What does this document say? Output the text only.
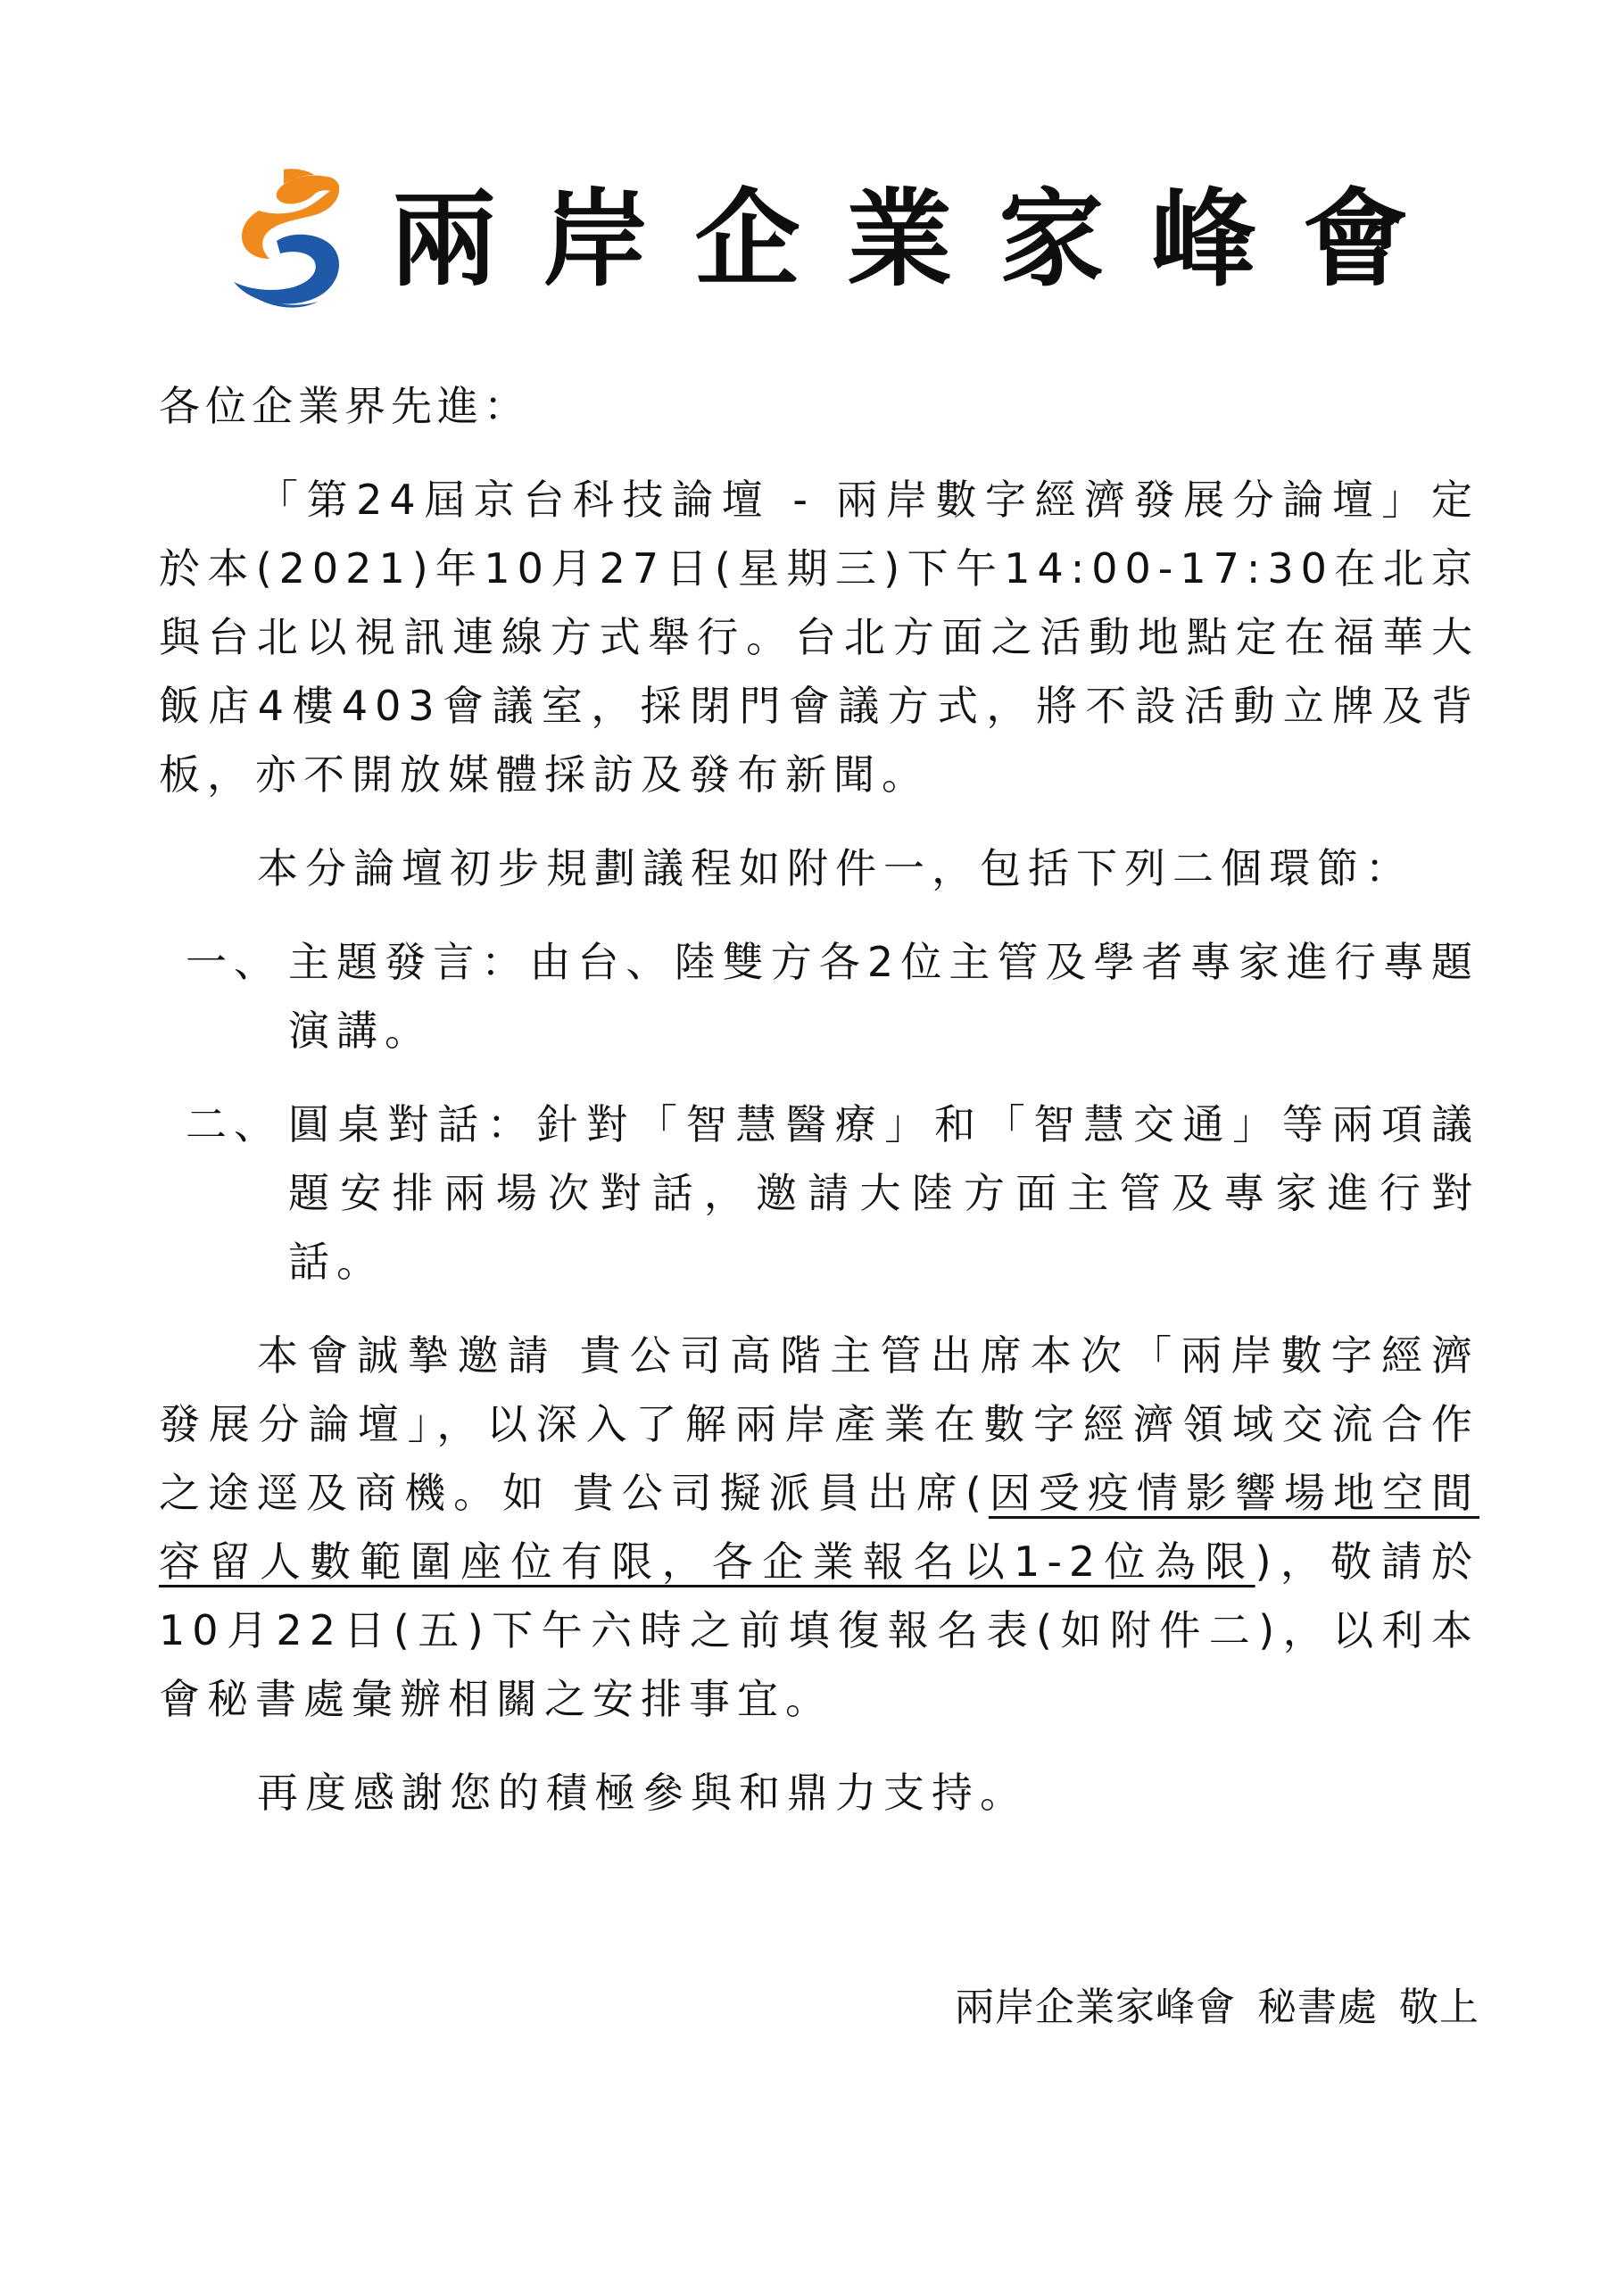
兩 岸 企 業 家 峰 會
各位企業界先進：

「第24屆京台科技論壇 - 兩岸數字經濟發展分論壇」定於本(2021)年10月27日(星期三)下午14:00-17:30在北京與台北以視訊連線方式舉行。台北方面之活動地點定在福華大飯店4樓403會議室，採閉門會議方式，將不設活動立牌及背板，亦不開放媒體採訪及發布新聞。

本分論壇初步規劃議程如附件一，包括下列二個環節：

一、 主題發言：由台、陸雙方各2位主管及學者專家進行專題演講。
二、 圓桌對話：針對「智慧醫療」和「智慧交通」等兩項議題安排兩場次對話，邀請大陸方面主管及專家進行對話。

本會誠摯邀請 貴公司高階主管出席本次「兩岸數字經濟發展分論壇」，以深入了解兩岸產業在數字經濟領域交流合作之途逕及商機。如 貴公司擬派員出席(因受疫情影響場地空間容留人數範圍座位有限，各企業報名以1-2位為限)，敬請於10月22日(五)下午六時之前填復報名表(如附件二)，以利本會秘書處彙辦相關之安排事宜。

再度感謝您的積極參與和鼎力支持。

兩岸企業家峰會 秘書處 敬上
